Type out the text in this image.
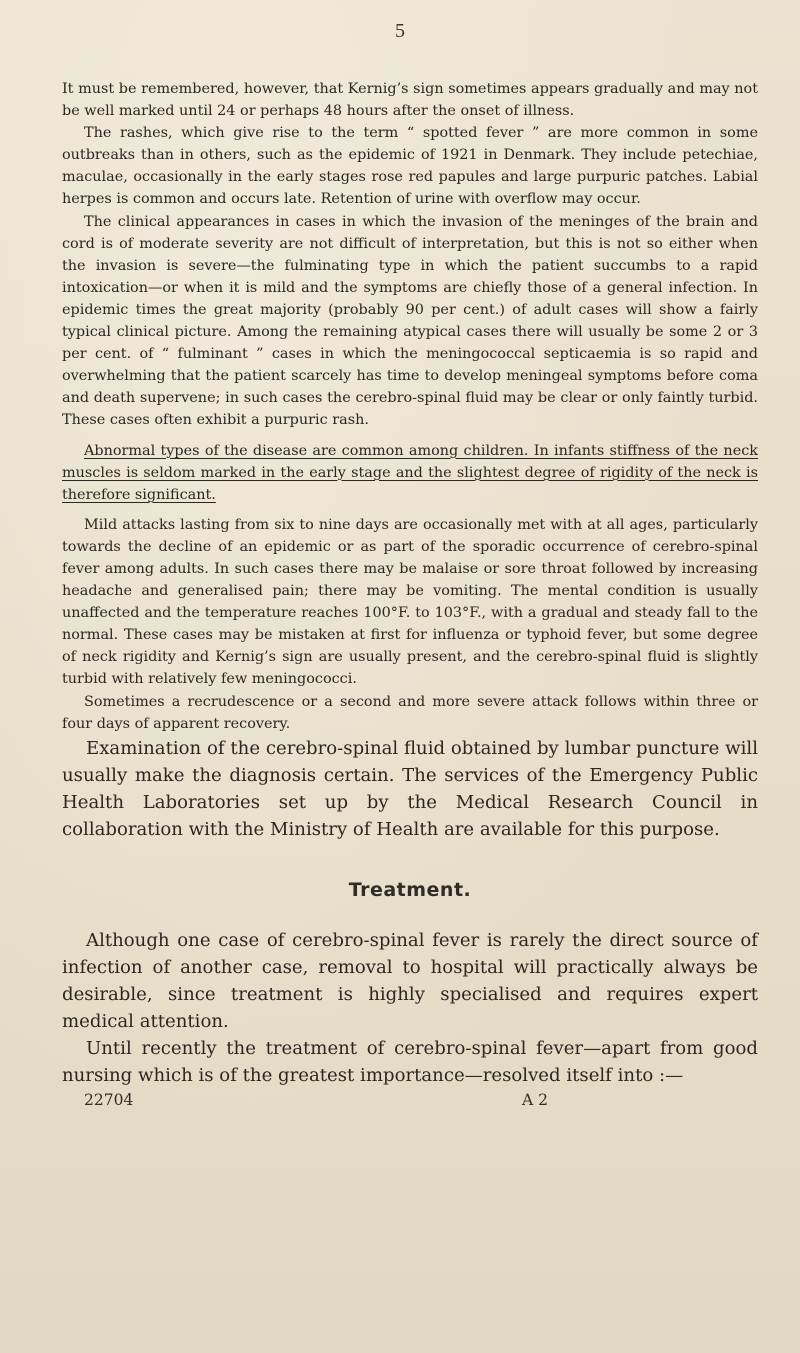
5

It must be remembered, however, that Kernig’s sign sometimes appears gradually and may not be well marked until 24 or perhaps 48 hours after the onset of illness.

The rashes, which give rise to the term “ spotted fever ” are more common in some outbreaks than in others, such as the epidemic of 1921 in Denmark. They include petechiae, maculae, occasionally in the early stages rose red papules and large purpuric patches. Labial herpes is common and occurs late. Retention of urine with overflow may occur.

The clinical appearances in cases in which the invasion of the meninges of the brain and cord is of moderate severity are not difficult of interpretation, but this is not so either when the invasion is severe—the fulminating type in which the patient succumbs to a rapid intoxication—or when it is mild and the symptoms are chiefly those of a general infection. In epidemic times the great majority (probably 90 per cent.) of adult cases will show a fairly typical clinical picture. Among the remaining atypical cases there will usually be some 2 or 3 per cent. of “ fulminant ” cases in which the meningococcal septicaemia is so rapid and overwhelming that the patient scarcely has time to develop meningeal symptoms before coma and death supervene; in such cases the cerebro-spinal fluid may be clear or only faintly turbid. These cases often exhibit a purpuric rash.

Abnormal types of the disease are common among children. In infants stiffness of the neck muscles is seldom marked in the early stage and the slightest degree of rigidity of the neck is therefore significant.

Mild attacks lasting from six to nine days are occasionally met with at all ages, particularly towards the decline of an epidemic or as part of the sporadic occurrence of cerebro-spinal fever among adults. In such cases there may be malaise or sore throat followed by increasing headache and generalised pain; there may be vomiting. The mental condition is usually unaffected and the temperature reaches 100°F. to 103°F., with a gradual and steady fall to the normal. These cases may be mistaken at first for influenza or typhoid fever, but some degree of neck rigidity and Kernig’s sign are usually present, and the cerebro-spinal fluid is slightly turbid with relatively few meningococci.

Sometimes a recrudescence or a second and more severe attack follows within three or four days of apparent recovery.

Examination of the cerebro-spinal fluid obtained by lumbar puncture will usually make the diagnosis certain. The services of the Emergency Public Health Laboratories set up by the Medical Research Council in collaboration with the Ministry of Health are available for this purpose.

Treatment.

Although one case of cerebro-spinal fever is rarely the direct source of infection of another case, removal to hospital will practically always be desirable, since treatment is highly specialised and requires expert medical attention.

Until recently the treatment of cerebro-spinal fever—apart from good nursing which is of the greatest importance—resolved itself into :—

22704	A 2
